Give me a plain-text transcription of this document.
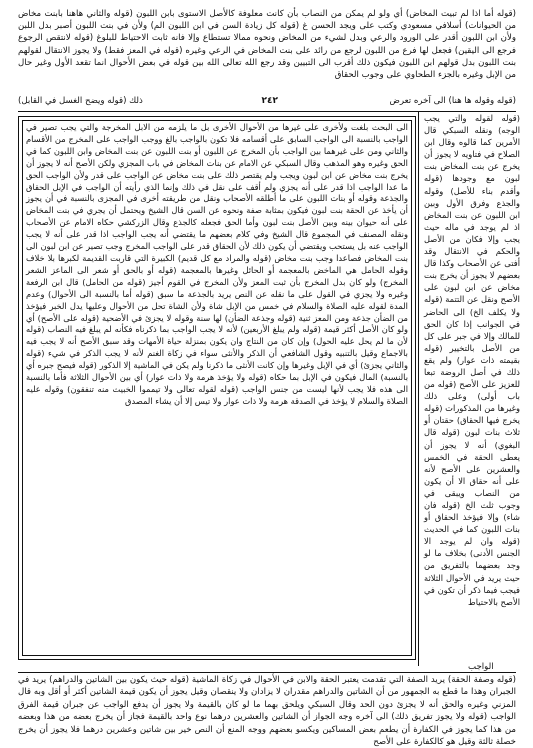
(قوله أما اذا لم تبيت المخاض) أي ولو لم يمكن من النصاب بأن كانت معلوفة كالأصل الاستوى بابن اللبون (قوله والثاني هاهنا بابنت مخاض من الحيوانات) أسلافي مسعودي وكتب على ويجد الحسن غ (قوله كل زيادة السن في ابن اللبون الم) ولأن في بنت اللبون أصبر بدل اللبن ولأن ابن اللبون أقدر على الورود والرعي وبدل لشيء من المخاض ونحوه ممالا تستطاع وإلا فانه ثابت الاحتياط للبلوغ (قوله لانتقص الرجوع فرجع الى اليقين) فجعل لها فرع من اللبون لرجع من رائد على بنت المخاض في الرعي وغيره (قوله في المعز فقط) ولا يجوز الانتقال لقولهم بنت اللبون بدل قولهم ابن اللبون فيكون ذلك أقرب الى التبيين وقد رجع الله تعالى الله بين قوله في بعض الأحوال انما تقعد الأول وغير حال من الإبل وغيره بالجزء الطحاوي على وجوب الحقاق
(قوله وقوله ها هنا) الى آخره تعرض
٢٤٢
ذلك (قوله ويضح الغسل في القابل)
الى البحث بلغت ولأخرى على غيرها من الأحوال الأخرى بل ما يلزمه من الابل المخرجة والتي يجب تصير في الواجب بالنسبة الى الواجب السابق على أقسامه فلا تكون بالواجب بالغ ووجب الواجب على المخرج من الأقسام والثاني ومن على غيرهما بين الواجب بأن المخرج عن اللبون أو بنت اللبون عن بنت المخاض وابن اللبون كما في الحق وغيره وهو المذهب وقال السبكي عن الامام عن بنات المخاض في باب المجزي ولكن الأصح أنه لا يجوز أن يخرج بنت مخاض عن ابن لبون ويجب ولم يقتصر ذلك على بنت مخاض عن الواجب على قدر ولأن الواجب الحق ما عدا الواجب اذا قدر على أنه يجزي ولم أقف على نقل في ذلك وإنما الذي رأيته أن الواجب في الإبل الحقاق والجذعة وقوله أو بنات اللبون على ما أطلقه الأصحاب ونقل من طريقته أخرى في المجزى بالنسبة في أن يجوز أن يأخذ عن الحقة بنت لبون فيكون بمثابة صفة ونحوه عن السن قال الشيخ ويحتمل أن يجري في بنت المخاض على أنه حيوان بينه وبين الأصل بنت لبون وأما الحق فجعله كالجذع وقال الزركشي حكاه الامام عن الأصحاب ونقله المصنف في المجموع قال الشيخ وفي كلام بعضهم ما يقتضي أنه يجب الواجب اذا قدر على أنه لا يجب الواجب عنه بل يستحب ويقتضي أن يكون ذلك لأن الحقاق قدر على الواجب المخرج وجب تصير عن ابن لبون الى بنت المخاض فصاعدا وجب بنت مخاض (قوله والمراد مع كل قديم) الكبيرة التي قاربت القديمة لكبرها بلا خلاف وقوله الحامل هي الماخض بالمعجمة أو الحائل وغيرها بالمعجمة (قوله أو بالحق أو شعر الى الماعز الشعر المخرج) ولو كان بدل المخرج بأن ثبت المعز ولأن المخرج في القوم أجيز (قوله من الحامل) قال ابن الرفعة وغيره ولا يجزي في القول على ما نقله عن النص يريد بالجذعة ما سبق (قوله أما بالنسبة الى الأحوال) وعدم المدة لقوله عليه الصلاة والسلام في خمس من الإبل شاة ولأن الشاة تحل من الأحوال وعليها يدل الخبر فيؤخذ من الضأن جذعة ومن المعز ثنية (قوله وجذعة الضأن) لها سنة وقوله لا يجزئ في الأضحية (قوله على الأصح) أي ولو كان الأصل أكثر قيمة (قوله ولم يبلغ الأربعين) لأنه لا يجب الواجب بما ذكرناه فكأنه لم يبلغ فيه النصاب (قوله لأن ما لم يحل عليه الحول) وإن كان من النتاج وان يكون بمنزلة حياة الأمهات وقد سبق الأصح أنه لا يجب فيه بالاجماع وقيل بالتنبيه وقول الشافعي أن الذكر والأنثى سواء في زكاة الغنم لأنه لا يجب الذكر في شيء (قوله والثاني يجزئ) أي في الإبل وغيرها وإن كانت الأنثى ما ذكرنا ولم يكن في الماشية إلا الذكور (قوله فيصح جبره أي بالنسبة) المال فيكون في الإبل بما حكاه (قوله ولا يؤخذ هرمة ولا ذات عوار) أي بين الأحوال الثلاثة فأما بالنسبة الى هذه فلا يجب لأنها ليست من جنس الواجب (قوله لقوله تعالى ولا تيمموا الخبيث منه تنفقون) وقوله عليه الصلاة والسلام لا يؤخذ في الصدقة هرمة ولا ذات عوار ولا تيس إلا أن يشاء المصدق
(قوله لقوله والتي يجب الوجه) ونقله السبكي قال الأمرين كما قالوه وقال ابن الصلاح في فتاويه لا يجوز أن يخرج عن بنت المخاض بنت لبون مع وجودها (قوله وأقدم بناء للأصل) وقوله والجذع وفرق الأول وبين ابن اللبون عن بنت المخاض اذ لم يوجد في ماله حيث يجب وإلا فكان من الأصل والحكم في الانتقال وقد أفتى عن الأصحاب وكذا قال بعضهم لا يجوز أن يخرج بنت مخاض عن ابن لبون على الأصح ونقل عن التتمة (قوله ولا يكلف الخ) الى الحاضر في الجوانب إذا كان الحق للمالك وإلا في جبر على كل من الأصل بالتخيير (قوله بقيمته ذات عوار) ولم يقع ذلك في أصل الروضة تبعا للعزيز على الأصح (قوله من باب أولى) وعلى ذلك وغيرها من المذكورات (قوله يخرج فيها الحقاق) حقتان أو ثلاث بنات لبون (قوله قال البغوي) أنه لا يجوز أن يعطى الحقة في الخمس والعشرين على الأصح لأنه على أنه حقاق الا أن يكون من النصاب ويبقى في وجوب ثلث الخ (قوله فان شاء) وإلا فيؤخذ الحقاق أو بنات اللبون كما في الحديث (قوله وان لم يوجد الا الجنس الأدنى) بخلاف ما لو وجد بعضهما بالتفريق من حيث يريد في الأحوال الثلاثة فيجب فيما ذكر أن تكون في الأصح بالاحتياط
الواجب
(قوله وصفة الحقة) يريد الصفة التي تقدمت يعتبر الحقة والابن في الأحوال في زكاة الماشية (قوله حيث يكون بين الشاتين والدراهم) يريد في الجبران وهذا ما قطع به الجمهور من أن الشاتين والدراهم مقدران لا يزادان ولا ينقصان وقيل يجوز أن يكون قيمة الشاتين أكثر أو أقل وبه قال المزني وغيره والحق أنه لا يجزئ دون الحد وقال السبكي ويلحق بهما ما لو كان بالقيمة ولا يجوز أن يدفع الواجب عن جبران قيمة الفرق الواجب (قوله ولا يجوز تفريق ذلك) الى آخره وجه الجواز أن الشاتين والعشرين درهما نوع واحد بالقيمة فجاز أن يخرج بعضه من هذا وبعضه من هذا كما يجوز في الكفارة أن يطعم بعض المساكين ويكسو بعضهم ووجه المنع أن النص خير بين شاتين وعشرين درهما فلا يجوز أن يخرج خصلة ثالثة وقيل هو كالكفارة على الأصح
